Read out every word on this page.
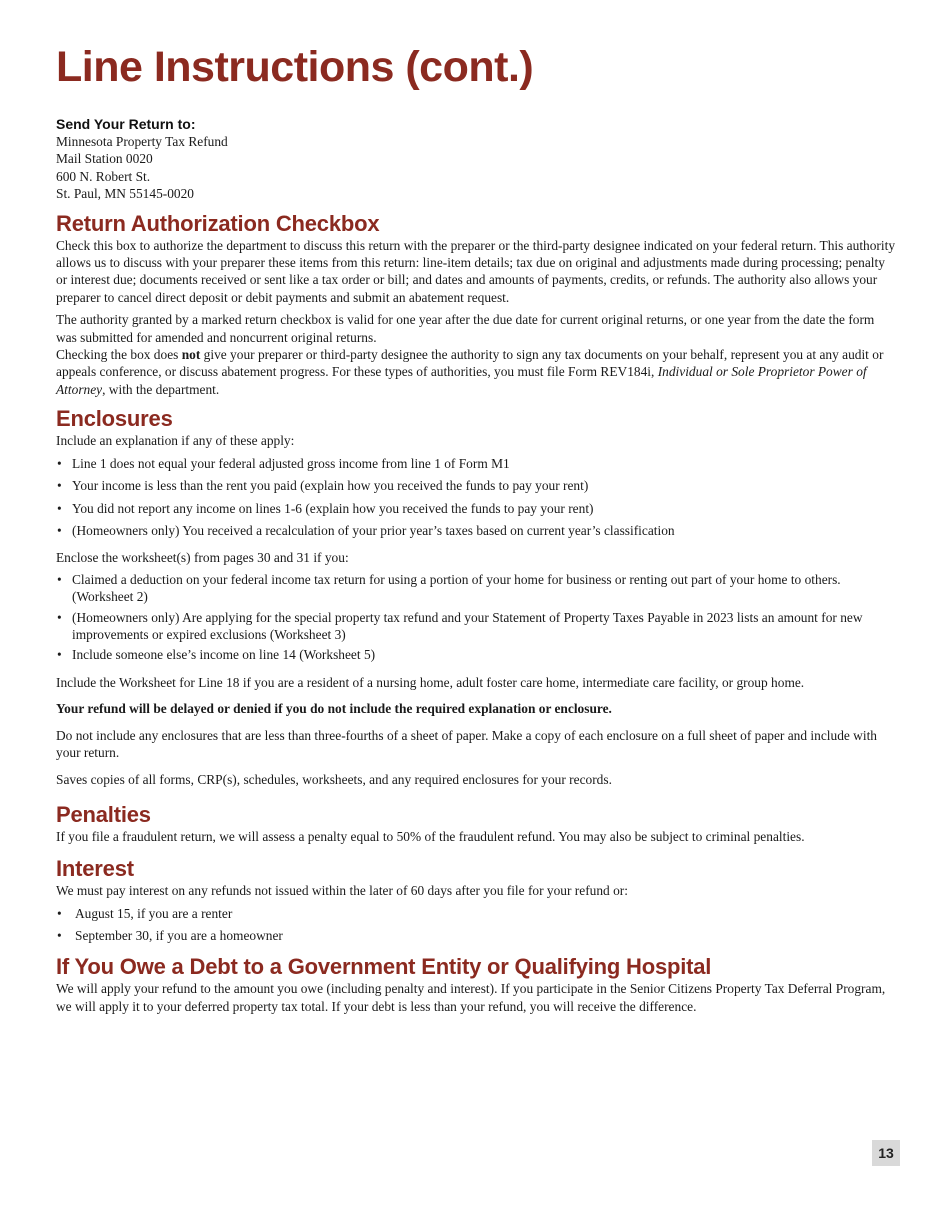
Line Instructions (cont.)

Send Your Return to:

Minnesota Property Tax Refund

Mail Station 0020

600 N. Robert St.

St. Paul, MN 55145-0020

Return Authorization Checkbox

Check this box to authorize the department to discuss this return with the preparer or the third-party designee indicated on your federal return. This authority allows us to discuss with your preparer these items from this return: line-item details; tax due on original and adjustments made during processing; penalty or interest due; documents received or sent like a tax order or bill; and dates and amounts of payments, credits, or refunds. The authority also allows your preparer to cancel direct deposit or debit payments and submit an abatement request.

The authority granted by a marked return checkbox is valid for one year after the due date for current original returns, or one year from the date the form was submitted for amended and noncurrent original returns.

Checking the box does not give your preparer or third-party designee the authority to sign any tax documents on your behalf, represent you at any audit or appeals conference, or discuss abatement progress. For these types of authorities, you must file Form REV184i, Individual or Sole Proprietor Power of Attorney, with the department.

Enclosures

Include an explanation if any of these apply:

• Line 1 does not equal your federal adjusted gross income from line 1 of Form M1
• Your income is less than the rent you paid (explain how you received the funds to pay your rent)
• You did not report any income on lines 1-6 (explain how you received the funds to pay your rent)
• (Homeowners only) You received a recalculation of your prior year’s taxes based on current year’s classification

Enclose the worksheet(s) from pages 30 and 31 if you:

• Claimed a deduction on your federal income tax return for using a portion of your home for business or renting out part of your home to others. (Worksheet 2)
• (Homeowners only) Are applying for the special property tax refund and your Statement of Property Taxes Payable in 2023 lists an amount for new improvements or expired exclusions (Worksheet 3)
• Include someone else’s income on line 14 (Worksheet 5)

Include the Worksheet for Line 18 if you are a resident of a nursing home, adult foster care home, intermediate care facility, or group home.

Your refund will be delayed or denied if you do not include the required explanation or enclosure.

Do not include any enclosures that are less than three-fourths of a sheet of paper. Make a copy of each enclosure on a full sheet of paper and include with your return.

Saves copies of all forms, CRP(s), schedules, worksheets, and any required enclosures for your records.

Penalties

If you file a fraudulent return, we will assess a penalty equal to 50% of the fraudulent refund. You may also be subject to criminal penalties.

Interest

We must pay interest on any refunds not issued within the later of 60 days after you file for your refund or:

• August 15, if you are a renter
• September 30, if you are a homeowner
If You Owe a Debt to a Government Entity or Qualifying Hospital

We will apply your refund to the amount you owe (including penalty and interest). If you participate in the Senior Citizens Property Tax Deferral Program, we will apply it to your deferred property tax total. If your debt is less than your refund, you will receive the difference.

13
